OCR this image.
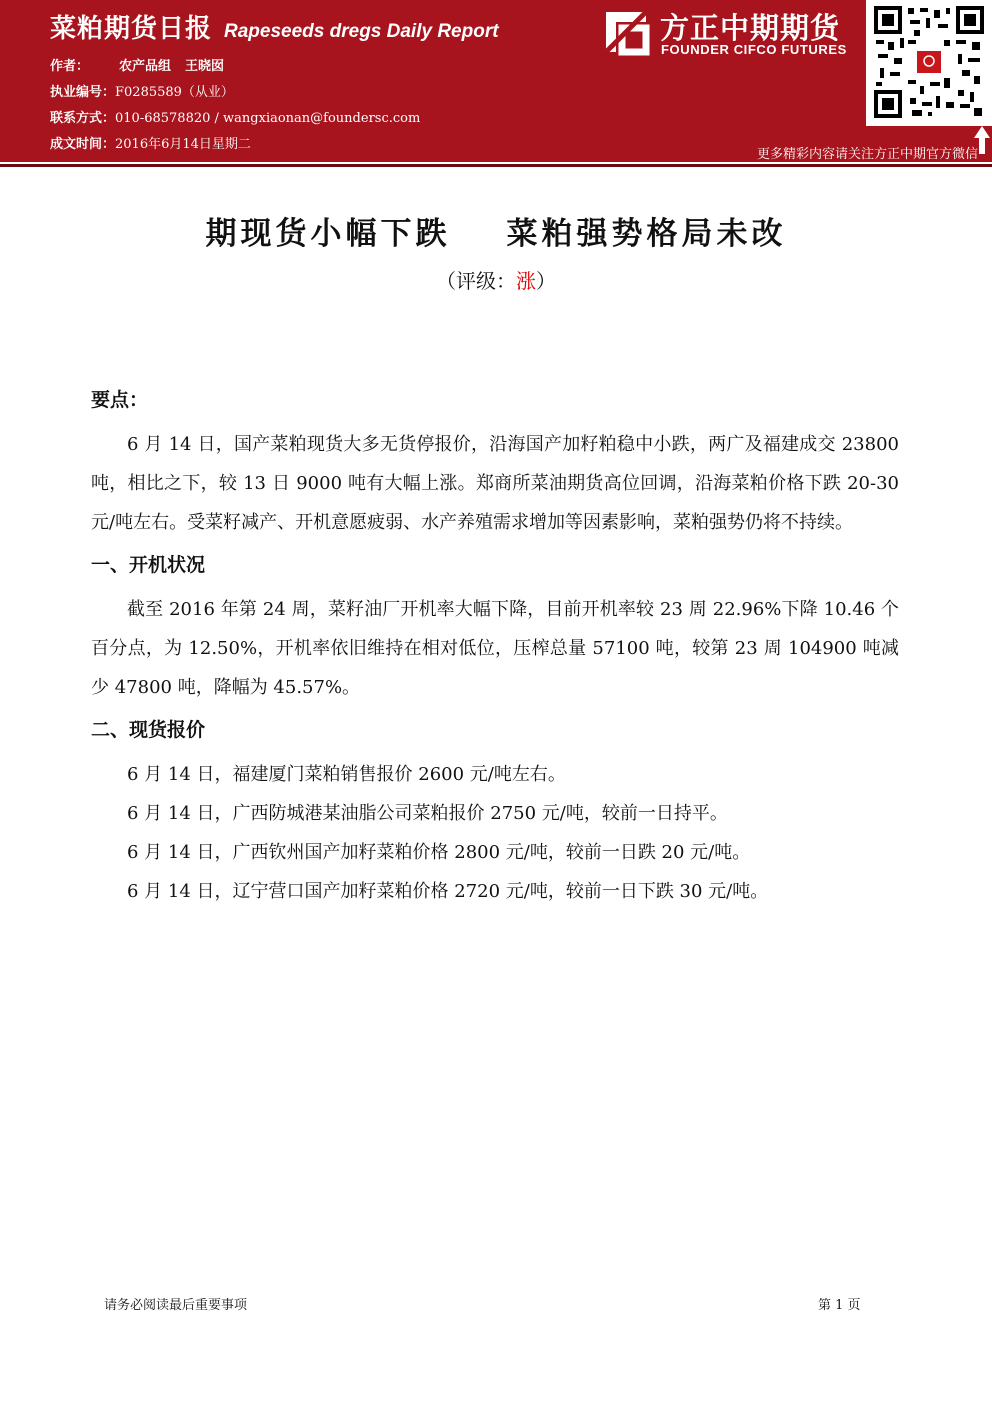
菜粕期货日报 Rapeseeds dregs Daily Report
作者： 农产品组 王晓囡
执业编号：F0285589（从业）
联系方式：010-68578820 / wangxiaonan@foundersc.com
成文时间：2016年6月14日星期二
方正中期期货
FOUNDER CIFCO FUTURES
更多精彩内容请关注方正中期官方微信
期现货小幅下跌 菜粕强势格局未改
（评级：涨）
要点：

6 月 14 日，国产菜粕现货大多无货停报价，沿海国产加籽粕稳中小跌，两广及福建成交 23800 吨，相比之下，较 13 日 9000 吨有大幅上涨。郑商所菜油期货高位回调，沿海菜粕价格下跌 20-30 元/吨左右。受菜籽减产、开机意愿疲弱、水产养殖需求增加等因素影响，菜粕强势仍将不持续。

一、开机状况

截至 2016 年第 24 周，菜籽油厂开机率大幅下降，目前开机率较 23 周 22.96%下降 10.46 个百分点，为 12.50%，开机率依旧维持在相对低位，压榨总量 57100 吨，较第 23 周 104900 吨减少 47800 吨，降幅为 45.57%。

二、现货报价

6 月 14 日，福建厦门菜粕销售报价 2600 元/吨左右。

6 月 14 日，广西防城港某油脂公司菜粕报价 2750 元/吨，较前一日持平。

6 月 14 日，广西钦州国产加籽菜粕价格 2800 元/吨，较前一日跌 20 元/吨。

6 月 14 日，辽宁营口国产加籽菜粕价格 2720 元/吨，较前一日下跌 30 元/吨。

请务必阅读最后重要事项	第 1 页
